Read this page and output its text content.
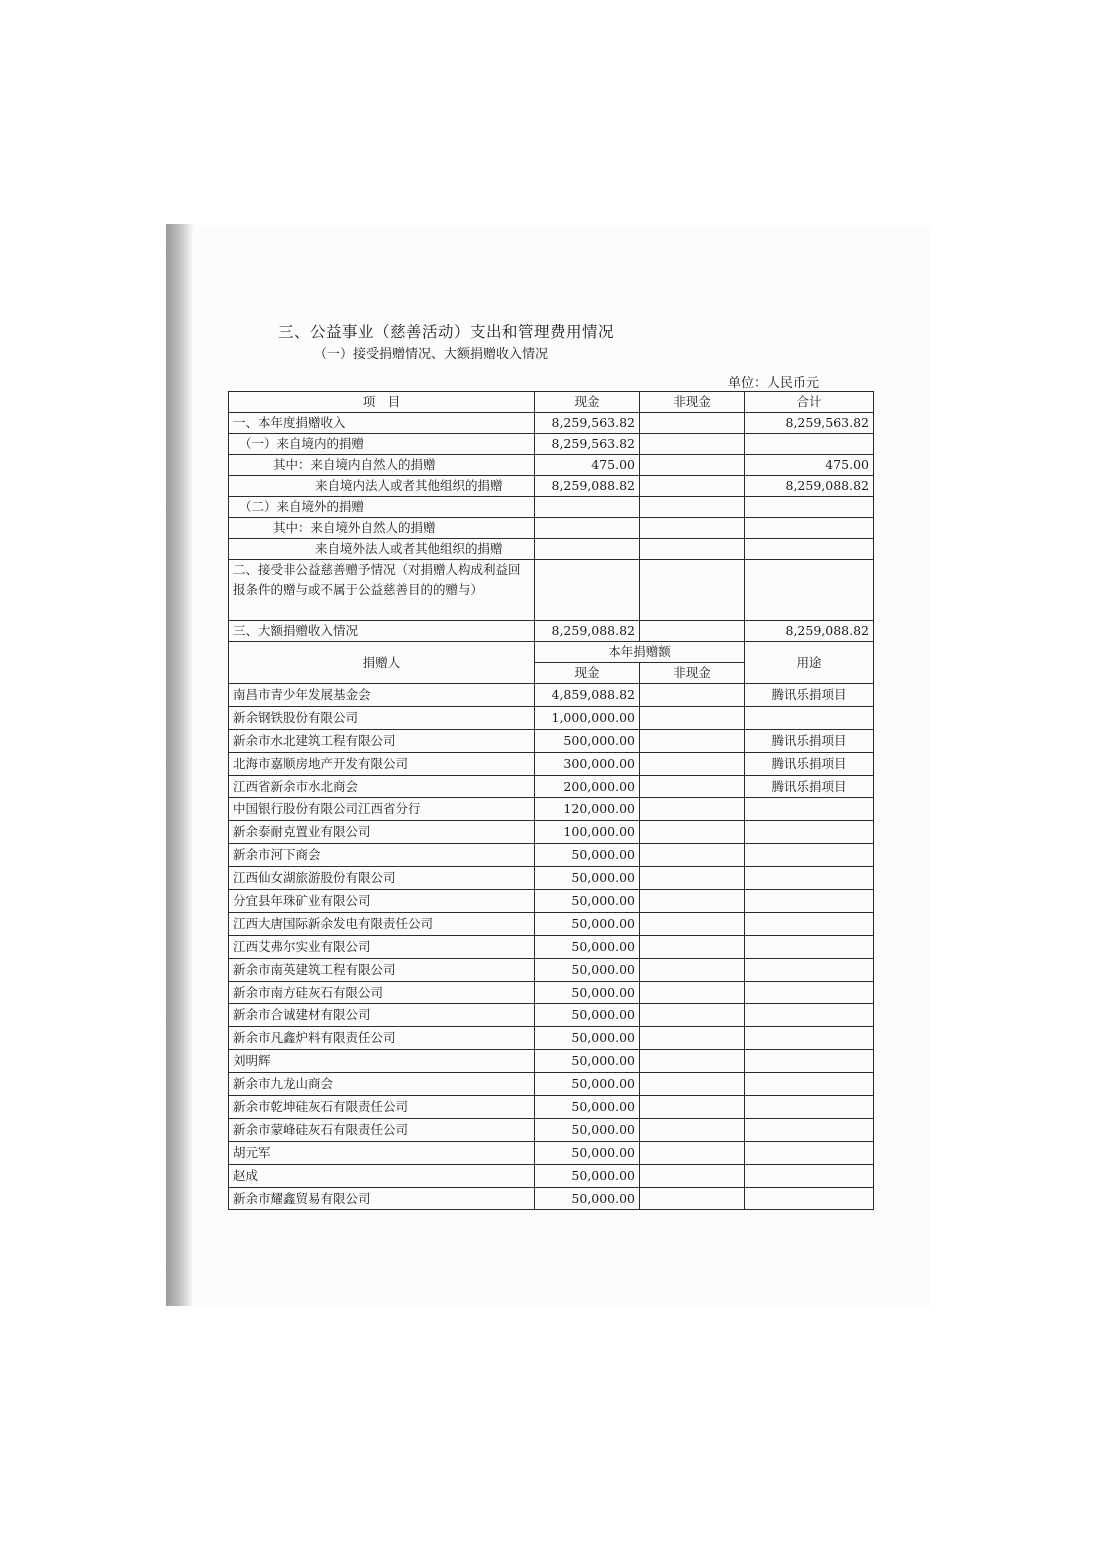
三、公益事业（慈善活动）支出和管理费用情况
（一）接受捐赠情况、大额捐赠收入情况
单位：人民币元
项　目	现金	非现金	合计
一、本年度捐赠收入	8,259,563.82		8,259,563.82
（一）来自境内的捐赠	8,259,563.82		
其中：来自境内自然人的捐赠	475.00		475.00
来自境内法人或者其他组织的捐赠	8,259,088.82		8,259,088.82
（二）来自境外的捐赠			
其中：来自境外自然人的捐赠			
来自境外法人或者其他组织的捐赠			
二、接受非公益慈善赠予情况（对捐赠人构成利益回报条件的赠与或不属于公益慈善目的的赠与）			
三、大额捐赠收入情况	8,259,088.82		8,259,088.82
捐赠人	本年捐赠额		用途
	现金	非现金	
南昌市青少年发展基金会	4,859,088.82		腾讯乐捐项目
新余钢铁股份有限公司	1,000,000.00		
新余市水北建筑工程有限公司	500,000.00		腾讯乐捐项目
北海市嘉顺房地产开发有限公司	300,000.00		腾讯乐捐项目
江西省新余市水北商会	200,000.00		腾讯乐捐项目
中国银行股份有限公司江西省分行	120,000.00		
新余泰耐克置业有限公司	100,000.00		
新余市河下商会	50,000.00		
江西仙女湖旅游股份有限公司	50,000.00		
分宜县年珠矿业有限公司	50,000.00		
江西大唐国际新余发电有限责任公司	50,000.00		
江西艾弗尔实业有限公司	50,000.00		
新余市南英建筑工程有限公司	50,000.00		
新余市南方硅灰石有限公司	50,000.00		
新余市合诚建材有限公司	50,000.00		
新余市凡鑫炉料有限责任公司	50,000.00		
刘明辉	50,000.00		
新余市九龙山商会	50,000.00		
新余市乾坤硅灰石有限责任公司	50,000.00		
新余市蒙峰硅灰石有限责任公司	50,000.00		
胡元军	50,000.00		
赵成	50,000.00		
新余市耀鑫贸易有限公司	50,000.00		
